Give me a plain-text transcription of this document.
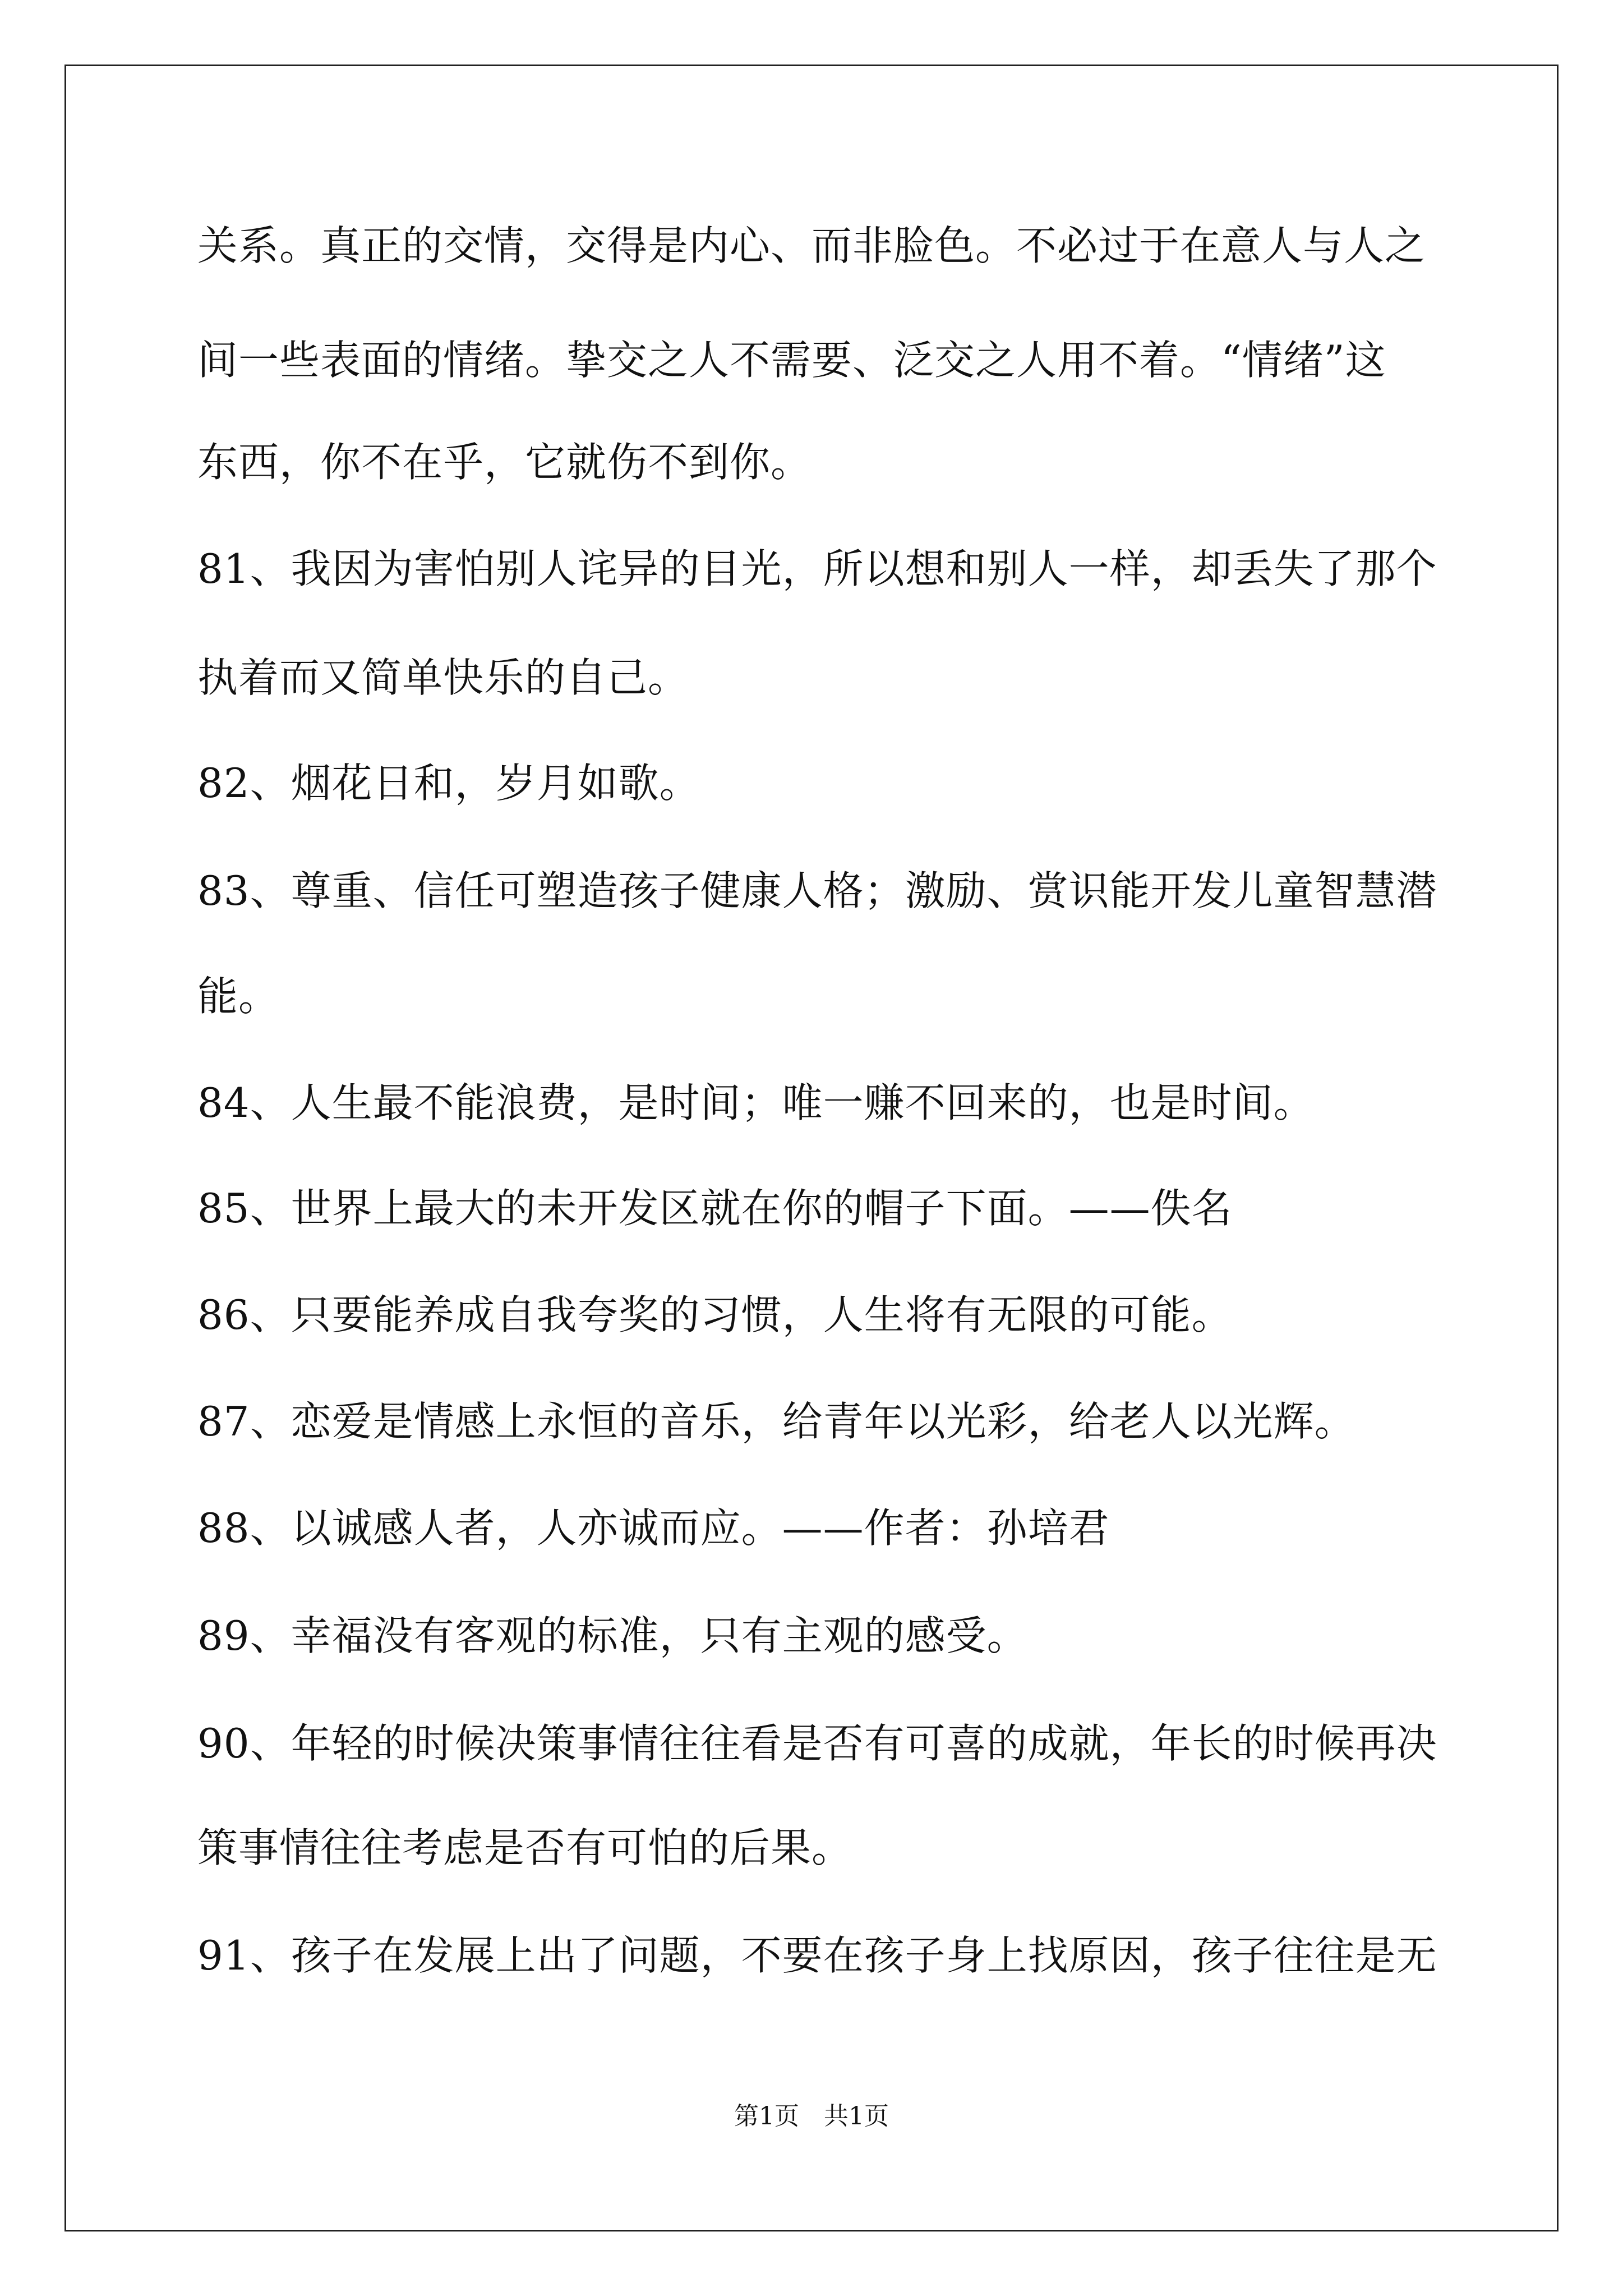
关系。真正的交情，交得是内心、而非脸色。不必过于在意人与人之
间一些表面的情绪。挚交之人不需要、泛交之人用不着。“情绪”这
东西，你不在乎，它就伤不到你。
81、我因为害怕别人诧异的目光，所以想和别人一样，却丢失了那个
执着而又简单快乐的自己。
82、烟花日和，岁月如歌。
83、尊重、信任可塑造孩子健康人格；激励、赏识能开发儿童智慧潜
能。
84、人生最不能浪费，是时间；唯一赚不回来的，也是时间。
85、世界上最大的未开发区就在你的帽子下面。——佚名
86、只要能养成自我夸奖的习惯，人生将有无限的可能。
87、恋爱是情感上永恒的音乐，给青年以光彩，给老人以光辉。
88、以诚感人者，人亦诚而应。——作者：孙培君
89、幸福没有客观的标准，只有主观的感受。
90、年轻的时候决策事情往往看是否有可喜的成就，年长的时候再决
策事情往往考虑是否有可怕的后果。
91、孩子在发展上出了问题，不要在孩子身上找原因，孩子往往是无
第1页　共1页
